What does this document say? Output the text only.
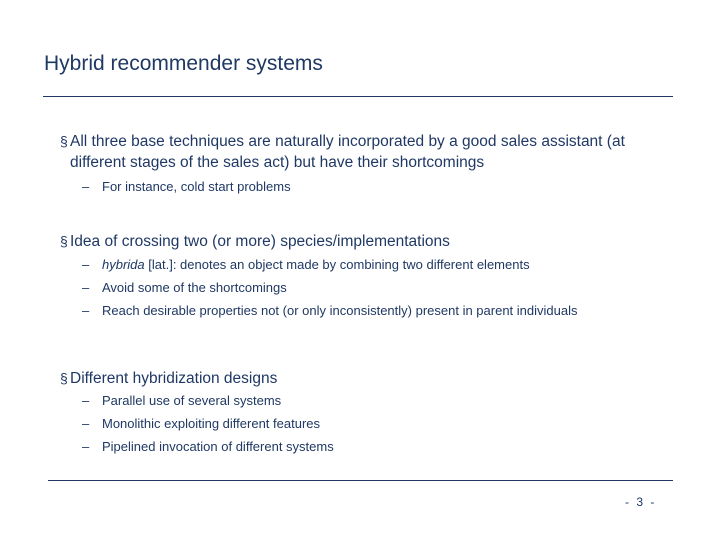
Hybrid recommender systems
§ All three base techniques are naturally incorporated by a good sales assistant (at
different stages of the sales act) but have their shortcomings
– For instance, cold start problems
§ Idea of crossing two (or more) species/implementations
– hybrida [lat.]: denotes an object made by combining two different elements
– Avoid some of the shortcomings
– Reach desirable properties not (or only inconsistently) present in parent individuals
§ Different hybridization designs
– Parallel use of several systems
– Monolithic exploiting different features
– Pipelined invocation of different systems
- 3 -
